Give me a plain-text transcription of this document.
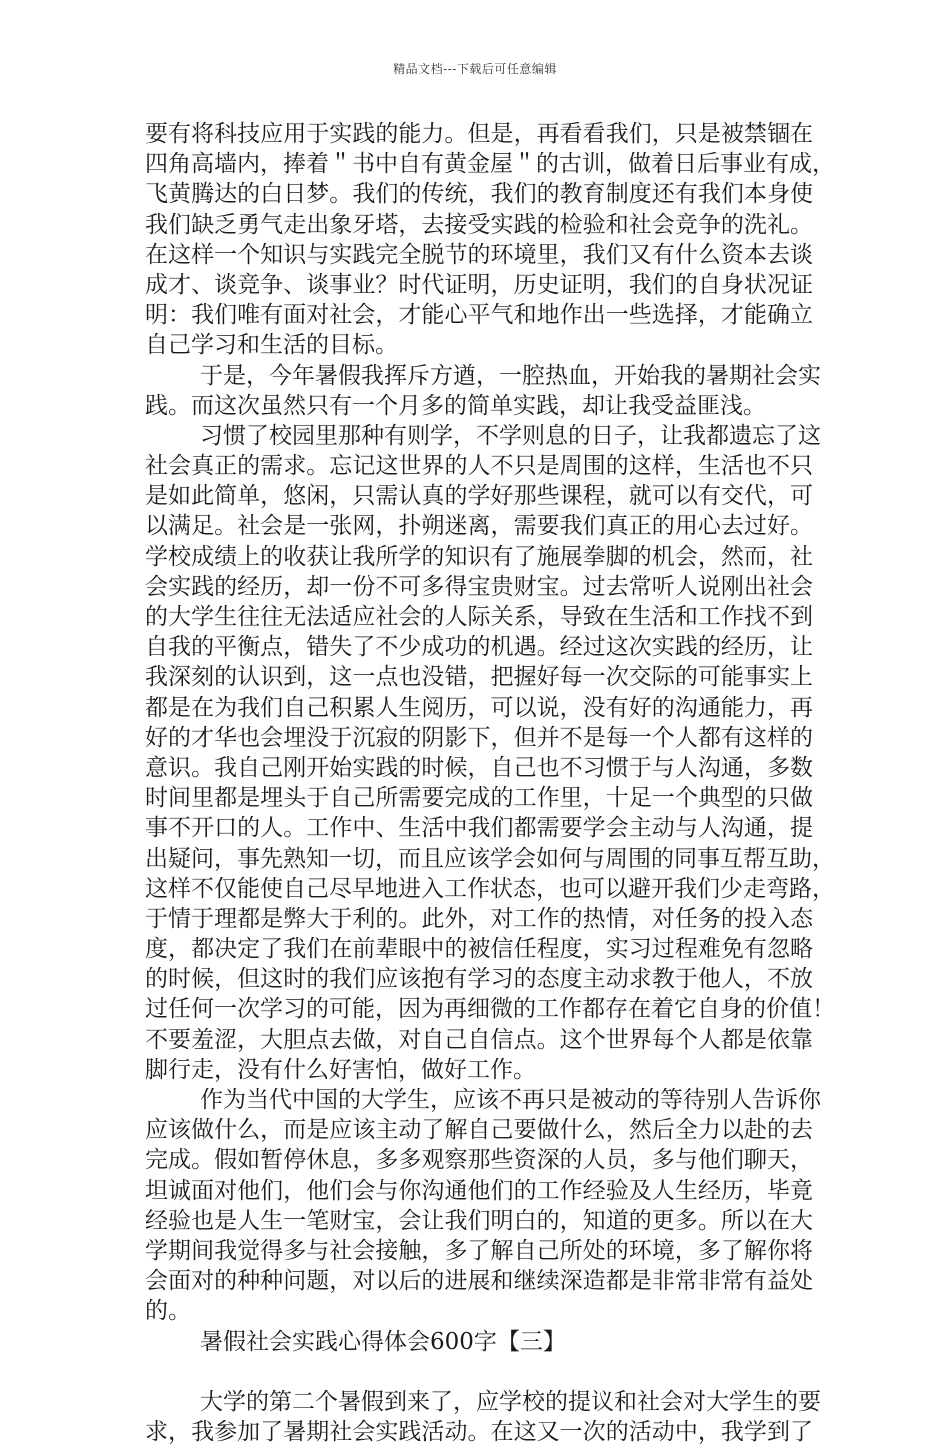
精品文档---下载后可任意编辑
要有将科技应用于实践的能力。但是，再看看我们，只是被禁锢在
四角高墙内，捧着＂书中自有黄金屋＂的古训，做着日后事业有成，
飞黄腾达的白日梦。我们的传统，我们的教育制度还有我们本身使
我们缺乏勇气走出象牙塔，去接受实践的检验和社会竞争的洗礼。
在这样一个知识与实践完全脱节的环境里，我们又有什么资本去谈
成才、谈竞争、谈事业？时代证明，历史证明，我们的自身状况证
明：我们唯有面对社会，才能心平气和地作出一些选择，才能确立
自己学习和生活的目标。
于是，今年暑假我挥斥方遒，一腔热血，开始我的暑期社会实
践。而这次虽然只有一个月多的简单实践，却让我受益匪浅。
习惯了校园里那种有则学，不学则息的日子，让我都遗忘了这
社会真正的需求。忘记这世界的人不只是周围的这样，生活也不只
是如此简单，悠闲，只需认真的学好那些课程，就可以有交代，可
以满足。社会是一张网，扑朔迷离，需要我们真正的用心去过好。
学校成绩上的收获让我所学的知识有了施展拳脚的机会，然而，社
会实践的经历，却一份不可多得宝贵财宝。过去常听人说刚出社会
的大学生往往无法适应社会的人际关系，导致在生活和工作找不到
自我的平衡点，错失了不少成功的机遇。经过这次实践的经历，让
我深刻的认识到，这一点也没错，把握好每一次交际的可能事实上
都是在为我们自己积累人生阅历，可以说，没有好的沟通能力，再
好的才华也会埋没于沉寂的阴影下，但并不是每一个人都有这样的
意识。我自己刚开始实践的时候，自己也不习惯于与人沟通，多数
时间里都是埋头于自己所需要完成的工作里，十足一个典型的只做
事不开口的人。工作中、生活中我们都需要学会主动与人沟通，提
出疑问，事先熟知一切，而且应该学会如何与周围的同事互帮互助，
这样不仅能使自己尽早地进入工作状态，也可以避开我们少走弯路，
于情于理都是弊大于利的。此外，对工作的热情，对任务的投入态
度，都决定了我们在前辈眼中的被信任程度，实习过程难免有忽略
的时候，但这时的我们应该抱有学习的态度主动求教于他人，不放
过任何一次学习的可能，因为再细微的工作都存在着它自身的价值！
不要羞涩，大胆点去做，对自己自信点。这个世界每个人都是依靠
脚行走，没有什么好害怕，做好工作。
作为当代中国的大学生，应该不再只是被动的等待别人告诉你
应该做什么，而是应该主动了解自己要做什么，然后全力以赴的去
完成。假如暂停休息，多多观察那些资深的人员，多与他们聊天，
坦诚面对他们，他们会与你沟通他们的工作经验及人生经历，毕竟
经验也是人生一笔财宝，会让我们明白的，知道的更多。所以在大
学期间我觉得多与社会接触，多了解自己所处的环境，多了解你将
会面对的种种问题，对以后的进展和继续深造都是非常非常有益处
的。
暑假社会实践心得体会600字【三】
大学的第二个暑假到来了，应学校的提议和社会对大学生的要
求，我参加了暑期社会实践活动。在这又一次的活动中，我学到了
